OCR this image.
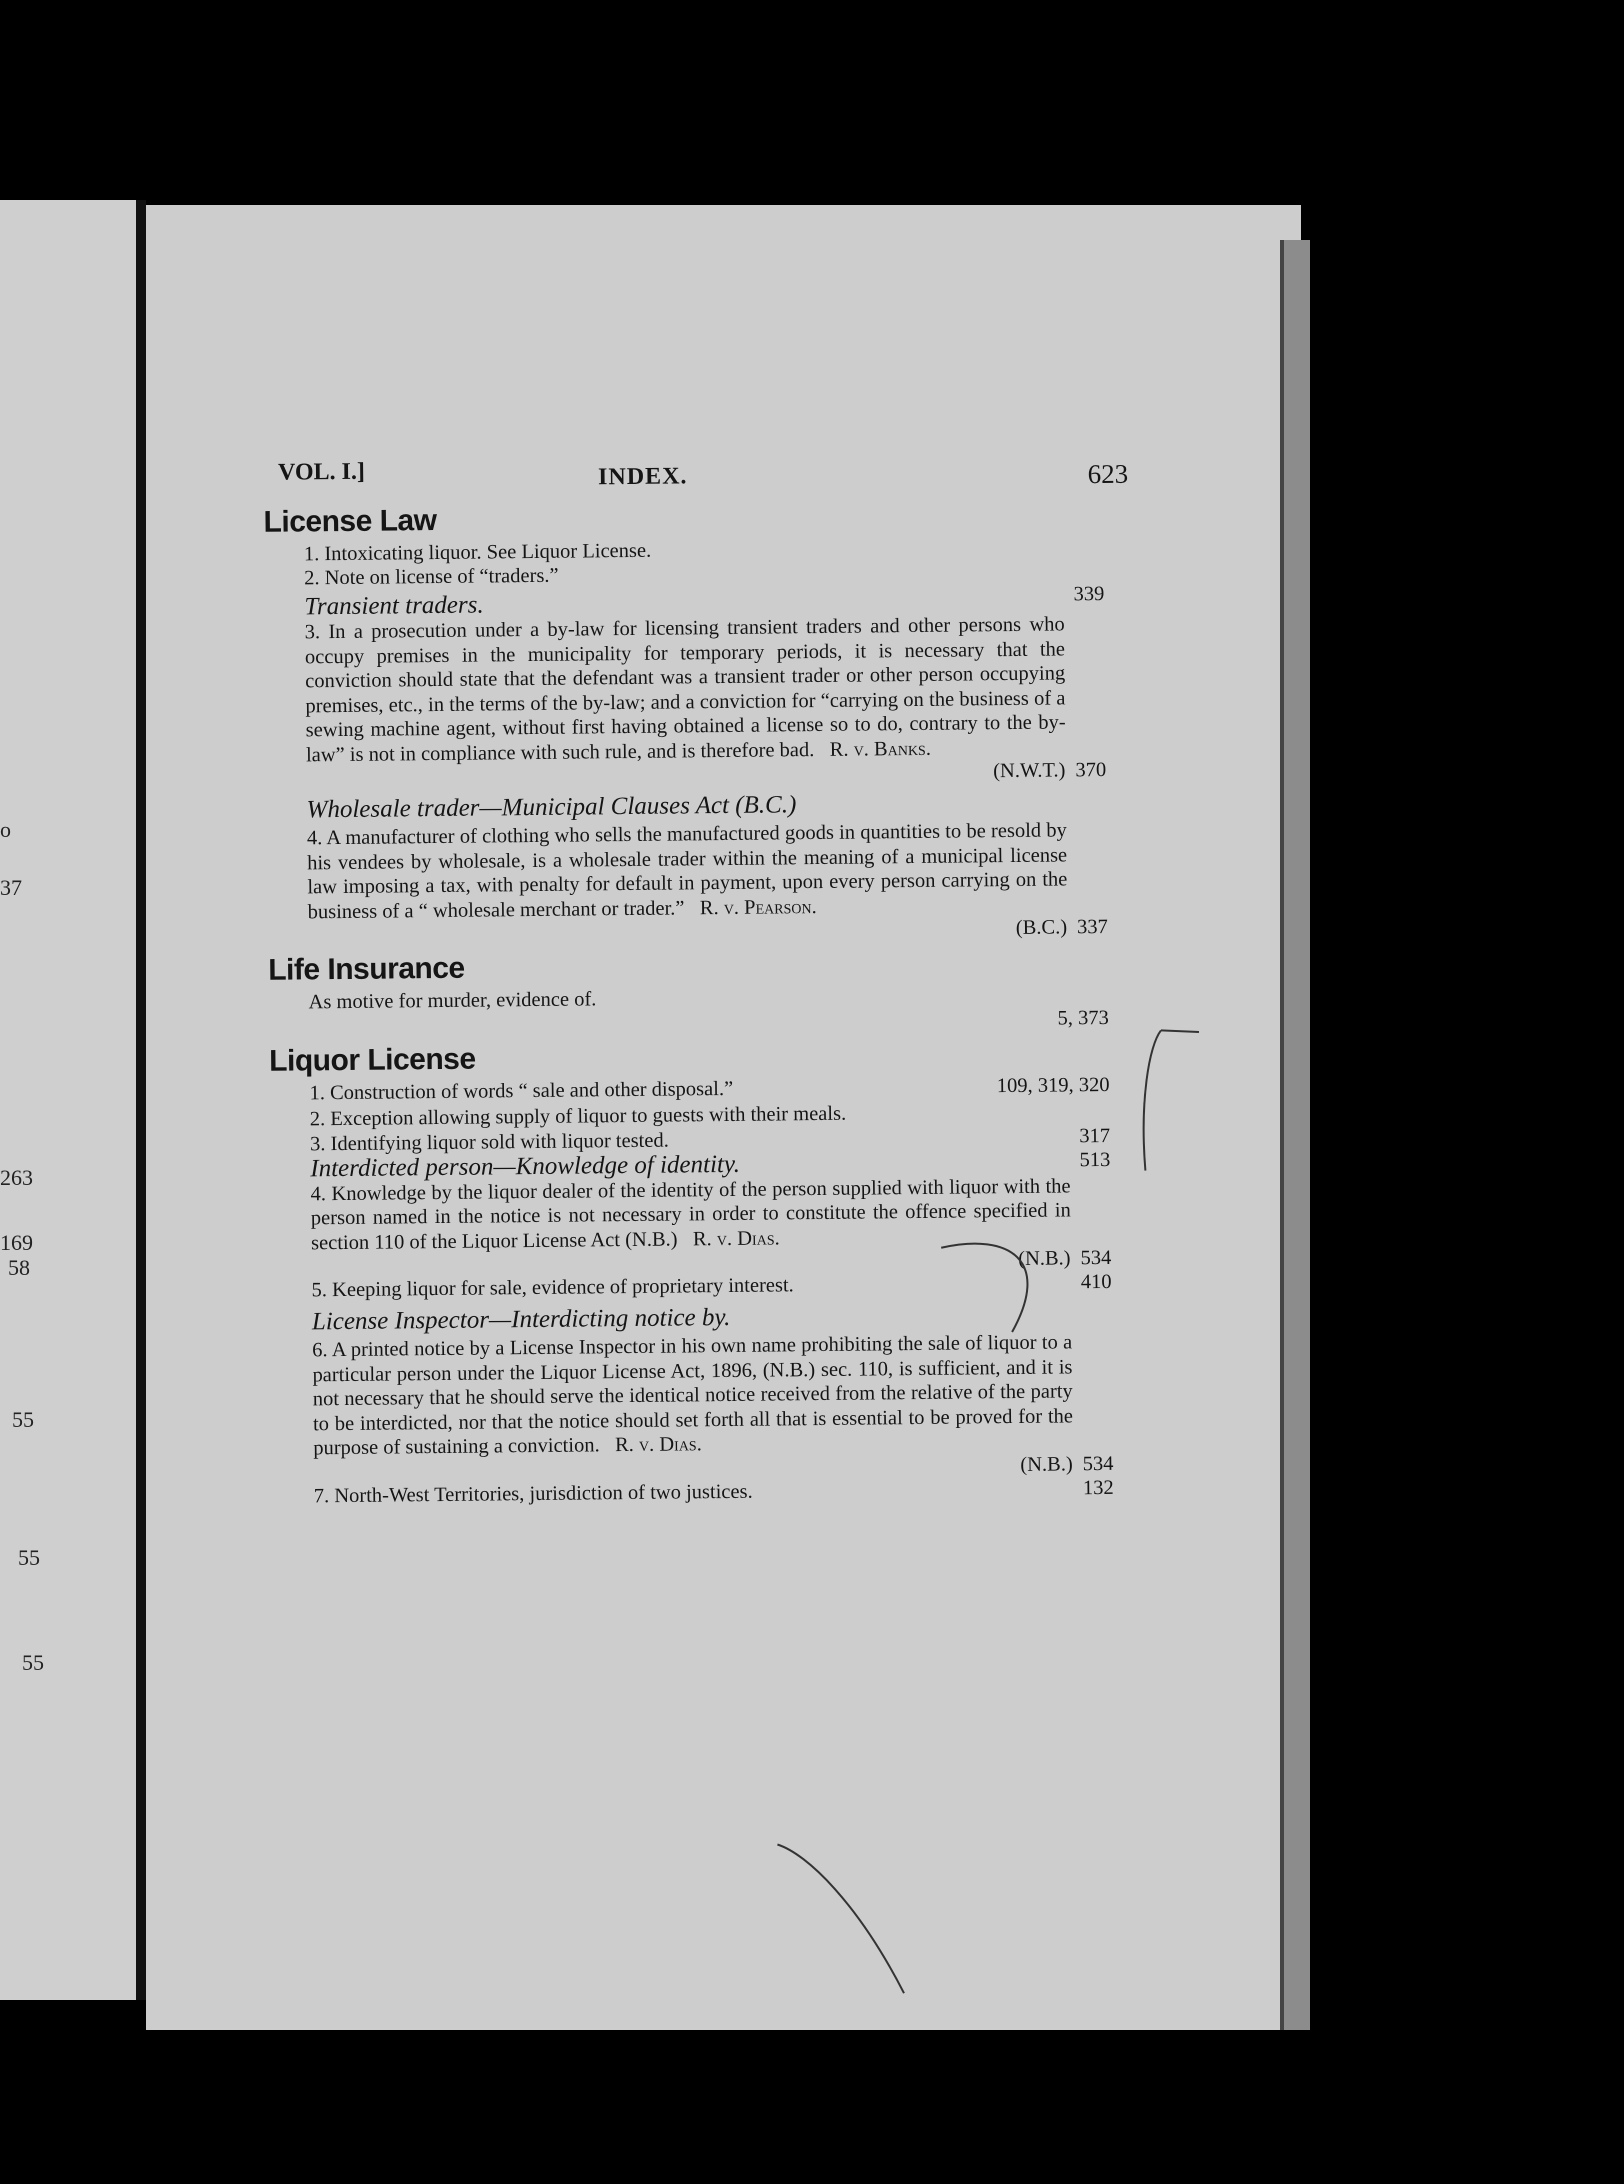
o
37
263
169
58
55
55
55
VOL. I.]	INDEX.	623
License Law
1. Intoxicating liquor. See Liquor License.
2. Note on license of “traders.”
Transient traders.	339
3. In a prosecution under a by-law for licensing transient traders and other persons who occupy premises in the municipality for temporary periods, it is necessary that the conviction should state that the defendant was a transient trader or other person occupying premises, etc., in the terms of the by-law; and a conviction for “carrying on the business of a sewing machine agent, without first having obtained a license so to do, contrary to the by-law” is not in compliance with such rule, and is therefore bad. R. v. Banks.
(N.W.T.) 370
Wholesale trader—Municipal Clauses Act (B.C.)
4. A manufacturer of clothing who sells the manufactured goods in quantities to be resold by his vendees by wholesale, is a wholesale trader within the meaning of a municipal license law imposing a tax, with penalty for default in payment, upon every person carrying on the business of a “ wholesale merchant or trader.” R. v. Pearson.
(B.C.) 337
Life Insurance
As motive for murder, evidence of.
5, 373
Liquor License
1. Construction of words “ sale and other disposal.”	109, 319, 320
2. Exception allowing supply of liquor to guests with their meals.
3. Identifying liquor sold with liquor tested.	317
Interdicted person—Knowledge of identity.	513
4. Knowledge by the liquor dealer of the identity of the person supplied with liquor with the person named in the notice is not necessary in order to constitute the offence specified in section 110 of the Liquor License Act (N.B.) R. v. Dias.
(N.B.) 534
5. Keeping liquor for sale, evidence of proprietary interest.	410
License Inspector—Interdicting notice by.
6. A printed notice by a License Inspector in his own name prohibiting the sale of liquor to a particular person under the Liquor License Act, 1896, (N.B.) sec. 110, is sufficient, and it is not necessary that he should serve the identical notice received from the relative of the party to be interdicted, nor that the notice should set forth all that is essential to be proved for the purpose of sustaining a conviction. R. v. Dias.
(N.B.) 534
7. North-West Territories, jurisdiction of two justices.	132
